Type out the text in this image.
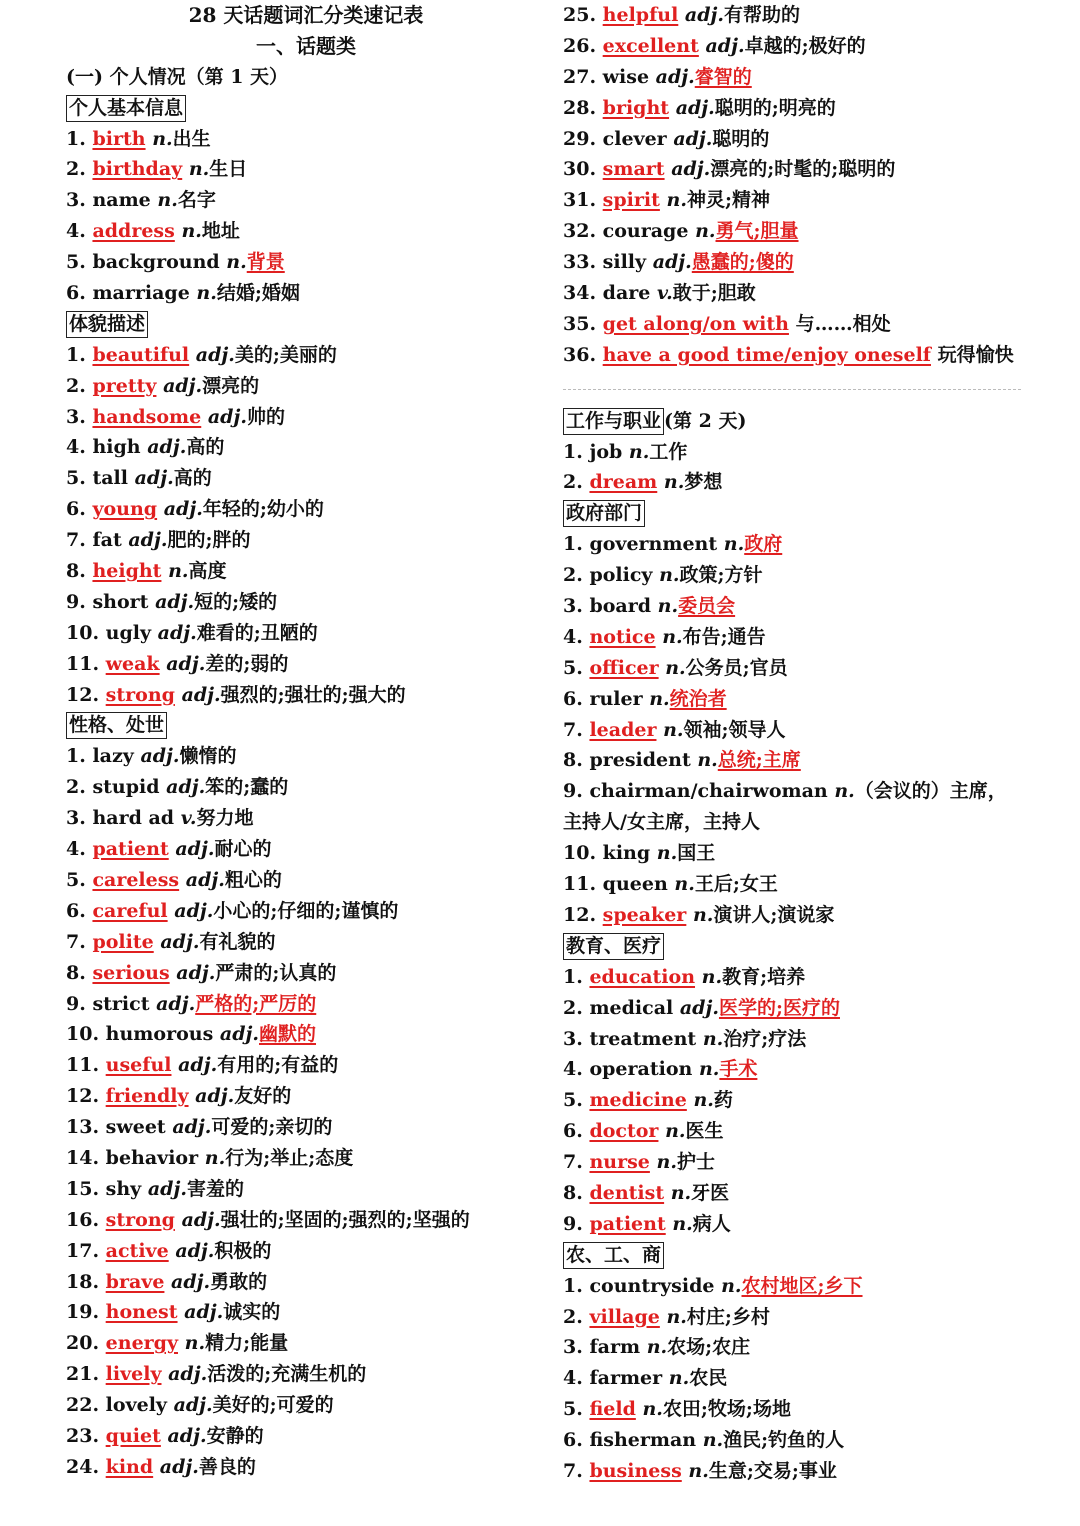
28 天话题词汇分类速记表
一、话题类
(一) 个人情况（第 1 天）
个人基本信息
1. birth n.出生
2. birthday n.生日
3. name n.名字
4. address n.地址
5. background n.背景
6. marriage n.结婚;婚姻
体貌描述
1. beautiful adj.美的;美丽的
2. pretty adj.漂亮的
3. handsome adj.帅的
4. high adj.高的
5. tall adj.高的
6. young adj.年轻的;幼小的
7. fat adj.肥的;胖的
8. height n.高度
9. short adj.短的;矮的
10. ugly adj.难看的;丑陋的
11. weak adj.差的;弱的
12. strong adj.强烈的;强壮的;强大的
性格、处世
1. lazy adj.懒惰的
2. stupid adj.笨的;蠢的
3. hard ad v.努力地
4. patient adj.耐心的
5. careless adj.粗心的
6. careful adj.小心的;仔细的;谨慎的
7. polite adj.有礼貌的
8. serious adj.严肃的;认真的
9. strict adj.严格的;严厉的
10. humorous adj.幽默的
11. useful adj.有用的;有益的
12. friendly adj.友好的
13. sweet adj.可爱的;亲切的
14. behavior n.行为;举止;态度
15. shy adj.害羞的
16. strong adj.强壮的;坚固的;强烈的;坚强的
17. active adj.积极的
18. brave adj.勇敢的
19. honest adj.诚实的
20. energy n.精力;能量
21. lively adj.活泼的;充满生机的
22. lovely adj.美好的;可爱的
23. quiet adj.安静的
24. kind adj.善良的
25. helpful adj.有帮助的
26. excellent adj.卓越的;极好的
27. wise adj.睿智的
28. bright adj.聪明的;明亮的
29. clever adj.聪明的
30. smart adj.漂亮的;时髦的;聪明的
31. spirit n.神灵;精神
32. courage n.勇气;胆量
33. silly adj.愚蠢的;傻的
34. dare v.敢于;胆敢
35. get along/on with 与……相处
36. have a good time/enjoy oneself 玩得愉快
工作与职业 (第 2 天)
1. job n.工作
2. dream n.梦想
政府部门
1. government n.政府
2. policy n.政策;方针
3. board n.委员会
4. notice n.布告;通告
5. officer n.公务员;官员
6. ruler n.统治者
7. leader n.领袖;领导人
8. president n.总统;主席
9. chairman/chairwoman n.（会议的）主席，主持人/女主席，主持人
10. king n.国王
11. queen n.王后;女王
12. speaker n.演讲人;演说家
教育、医疗
1. education n.教育;培养
2. medical adj.医学的;医疗的
3. treatment n.治疗;疗法
4. operation n.手术
5. medicine n.药
6. doctor n.医生
7. nurse n.护士
8. dentist n.牙医
9. patient n.病人
农、工、商
1. countryside n.农村地区;乡下
2. village n.村庄;乡村
3. farm n.农场;农庄
4. farmer n.农民
5. field n.农田;牧场;场地
6. fisherman n.渔民;钓鱼的人
7. business n.生意;交易;事业
